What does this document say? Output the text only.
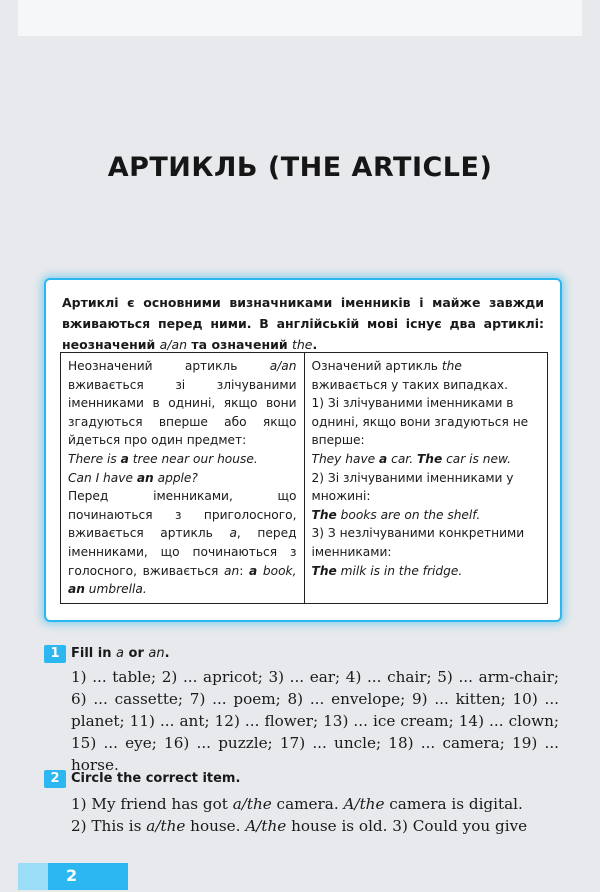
АРТИКЛЬ (THE ARTICLE)
Артиклі є основними визначниками іменників і майже завжди вживаються перед ними. В англійській мові існує два артиклі: неозначений a/an та означений the.

Неозначений артикль a/an вживається зі злічуваними іменниками в однині, якщо вони згадуються вперше або якщо йдеться про один предмет:

There is a tree near our house.

Can I have an apple?

Перед іменниками, що починаються з приголосного, вживається артикль a, перед іменниками, що починаються з голосного, вживається an: a book, an umbrella.

Означений артикль the вживається у таких випадках.

1) Зі злічуваними іменниками в однині, якщо вони згадуються не вперше:

They have a car. The car is new.

2) Зі злічуваними іменниками у множині:

The books are on the shelf.

3) З незлічуваними конкретними іменниками:

The milk is in the fridge.

1 Fill in a or an.
1) ... table; 2) ... apricot; 3) ... ear; 4) ... chair; 5) ... arm-chair; 6) ... cassette; 7) ... poem; 8) ... envelope; 9) ... kitten; 10) ... planet; 11) ... ant; 12) ... flower; 13) ... ice cream; 14) ... clown; 15) ... eye; 16) ... puzzle; 17) ... uncle; 18) ... camera; 19) ... horse.
2 Circle the correct item.
1) My friend has got a/the camera. A/the camera is digital.
2) This is a/the house. A/the house is old. 3) Could you give
2
